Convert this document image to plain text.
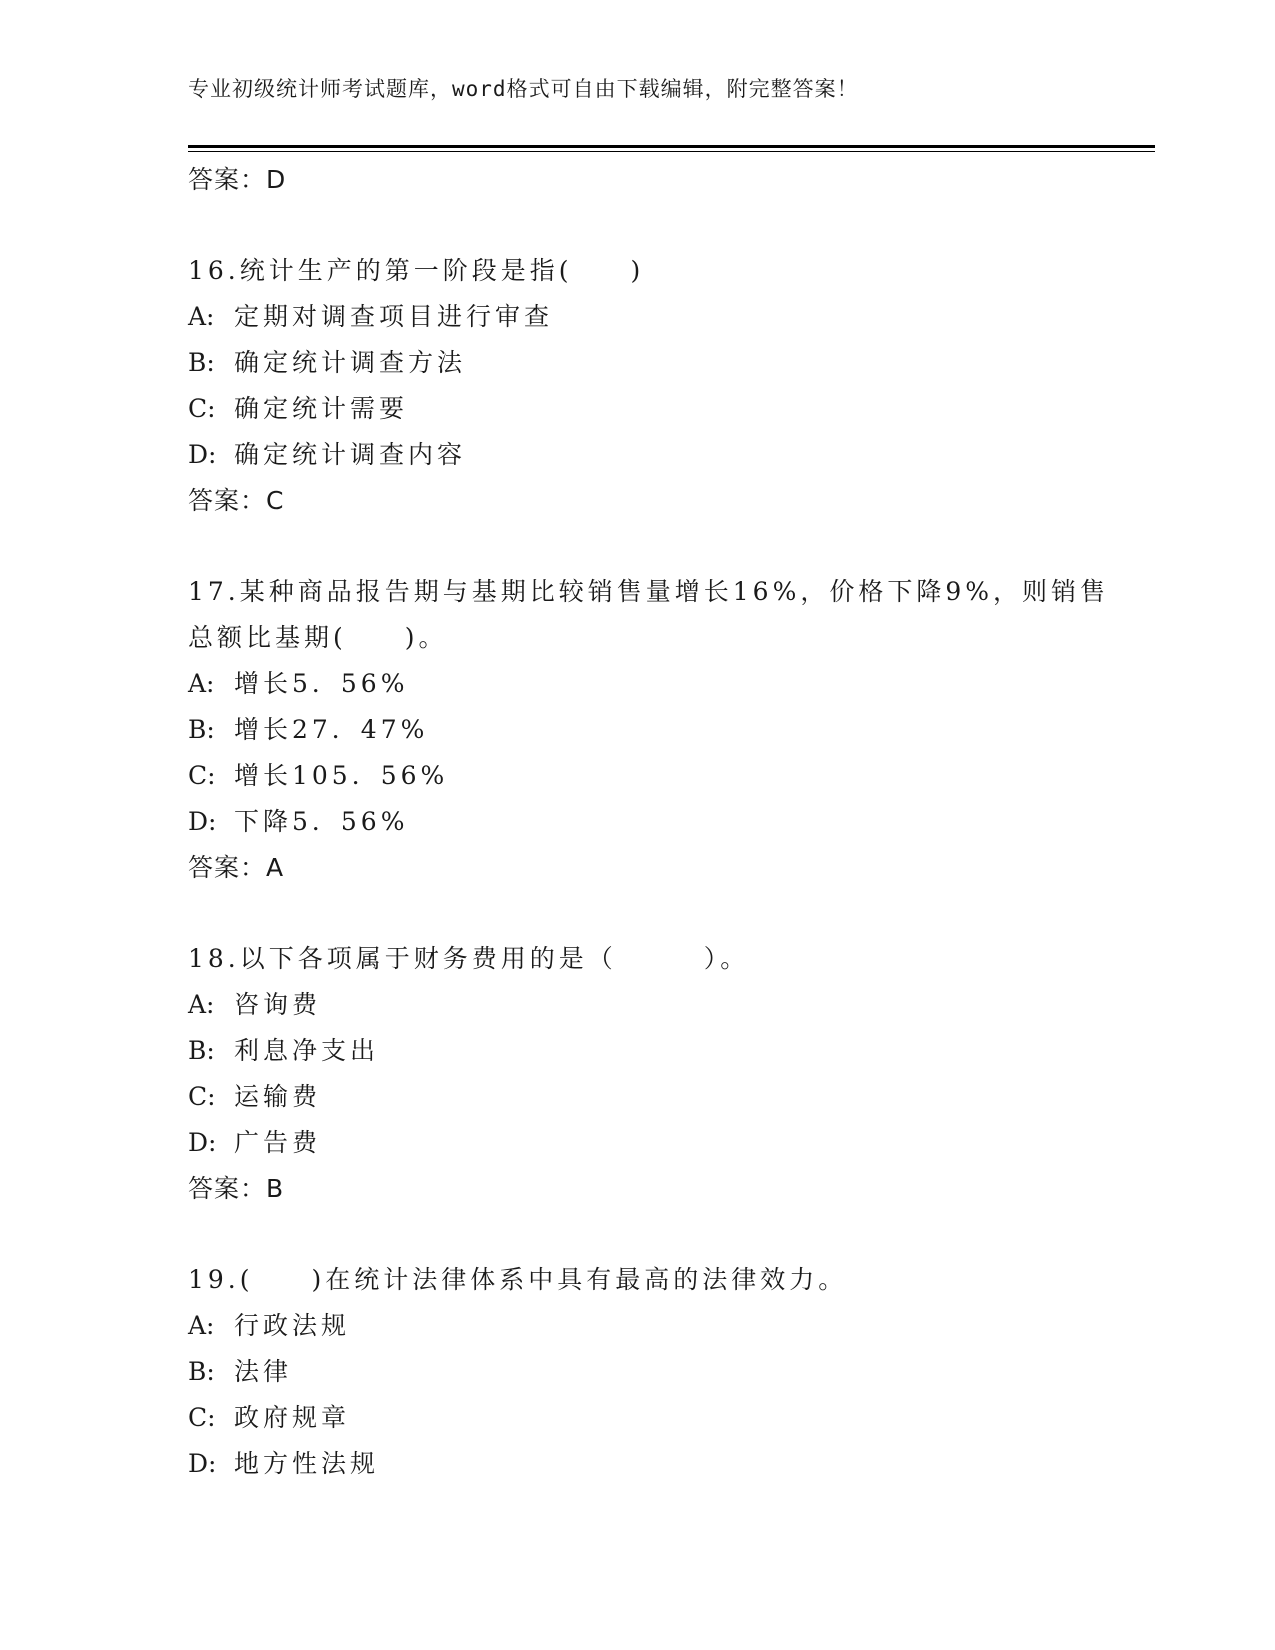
专业初级统计师考试题库，word格式可自由下载编辑，附完整答案！
答案：D
16.统计生产的第一阶段是指(　　)
A: 定期对调查项目进行审查
B: 确定统计调查方法
C: 确定统计需要
D: 确定统计调查内容
答案：C
17.某种商品报告期与基期比较销售量增长16%，价格下降9%，则销售
总额比基期(　　)。
A: 增长5．56%
B: 增长27．47%
C: 增长105．56%
D: 下降5．56%
答案：A
18.以下各项属于财务费用的是（　　　）。
A: 咨询费
B: 利息净支出
C: 运输费
D: 广告费
答案：B
19.(　　)在统计法律体系中具有最高的法律效力。
A: 行政法规
B: 法律
C: 政府规章
D: 地方性法规
